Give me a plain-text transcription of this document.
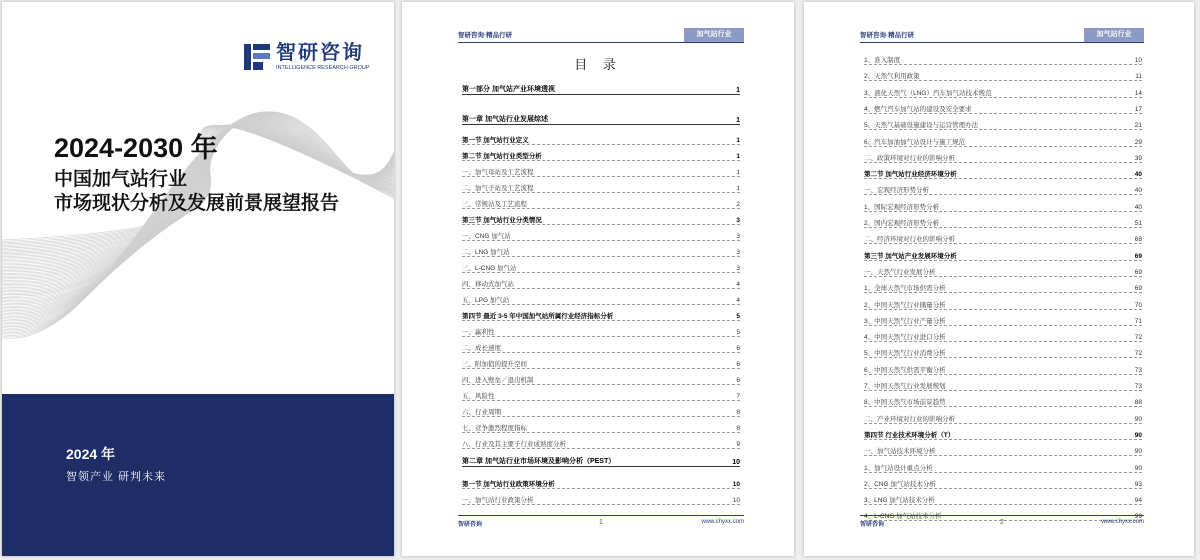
智研咨询
INTELLIGENCE RESEARCH GROUP
2024-2030 年
中国加气站行业
市场现状分析及发展前景展望报告
2024 年
智领产业 研判未来
智研咨询·精品行研	加气站行业
目 录
第一部分 加气站产业环境透视	1
第一章 加气站行业发展综述	1
第一节 加气站行业定义	1
第二节 加气站行业类型分析	1
一、加气母站及工艺流程	1
二、加气子站及工艺流程	1
三、常规站及工艺流程	2
第三节 加气站行业分类情况	3
一、CNG 加气站	3
二、LNG 加气站	3
三、L-CNG 加气站	3
四、移动式加气站	4
五、LPG 加气站	4
第四节 最近 3-5 年中国加气站所属行业经济指标分析	5
一、赢利性	5
二、成长速度	6
三、附加值的提升空间	6
四、进入壁垒／退出机制	6
五、风险性	7
六、行业周期	8
七、竞争激烈程度指标	8
八、行业及其主要子行业成熟度分析	9
第二章 加气站行业市场环境及影响分析（PEST）	10
第一节 加气站行业政策环境分析	10
一、加气站行业政策分析	10
智研咨询	1	www.chyxx.com
智研咨询·精品行研	加气站行业
1、准入制度	10
2、天然气利用政策	11
3、液化天然气（LNG）汽车加气站技术规范	14
4、燃气汽车加气站的建设及安全要求	17
5、天然气基础设施建设与运营管理办法	21
6、汽车加油加气站设计与施工规范	29
二、政策环境对行业的影响分析	39
第二节 加气站行业经济环境分析	40
一、宏观经济形势分析	40
1、国际宏观经济形势分析	40
2、国内宏观经济形势分析	51
二、经济环境对行业的影响分析	68
第三节 加气站产业发展环境分析	69
一、天然气行业发展分析	69
1、全球天然气市场供需分析	69
2、中国天然气行业储量分析	70
3、中国天然气行业产量分析	71
4、中国天然气行业进口分析	72
5、中国天然气行业消费分析	72
6、中国天然气供需平衡分析	73
7、中国天然气行业发展规划	73
8、中国天然气市场前景趋势	88
二、产业环境对行业的影响分析	90
第四节 行业技术环境分析（T）	90
一、加气站技术环境分析	90
1、加气站设计重点分析	90
2、CNG 加气站技术分析	93
3、LNG 加气站技术分析	94
4、L-CNG 加气站技术分析	99
智研咨询	2	www.chyxx.com
